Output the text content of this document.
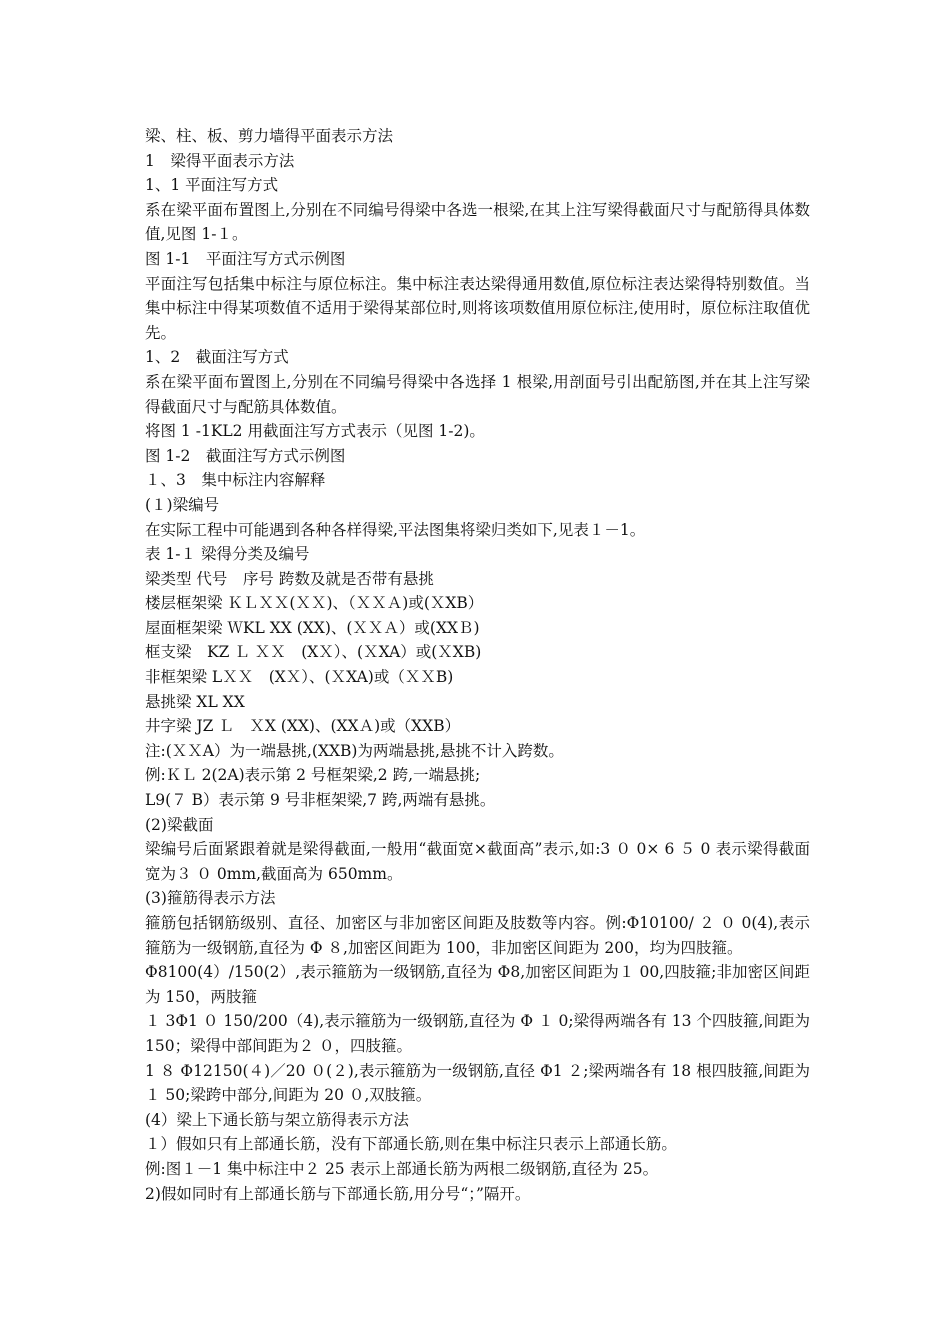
梁、柱、板、剪力墙得平面表示方法

1　梁得平面表示方法

1、1 平面注写方式

系在梁平面布置图上,分别在不同编号得梁中各选一根梁,在其上注写梁得截面尺寸与配筋得具体数值,见图 1-１。

图 1-1　平面注写方式示例图

平面注写包括集中标注与原位标注。集中标注表达梁得通用数值,原位标注表达梁得特别数值。当集中标注中得某项数值不适用于梁得某部位时,则将该项数值用原位标注,使用时，原位标注取值优先。

1、2　截面注写方式

系在梁平面布置图上,分别在不同编号得梁中各选择 1 根梁,用剖面号引出配筋图,并在其上注写梁得截面尺寸与配筋具体数值。

将图 1 -1KL2 用截面注写方式表示（见图 1-2)。

图 1-2　截面注写方式示例图

１、3　集中标注内容解释

(１)梁编号

在实际工程中可能遇到各种各样得梁,平法图集将梁归类如下,见表１－1。

表 1-１ 梁得分类及编号

梁类型 代号　序号 跨数及就是否带有悬挑

楼层框架梁 ＫＬＸＸ(ＸＸ)、（ＸＸＡ)或(ＸXB）

屋面框架梁 ＷKL XX (XX)、(ＸＸＡ）或(XXＢ)

框支梁　KZ Ｌ ＸＸ　(XＸ）、(ＸXA）或(ＸXB)

非框架梁 LＸＸ　(XＸ）、(ＸXA)或（ＸＸB)

悬挑梁 XL XX

井字梁 JZ Ｌ　ＸX (XX)、(XXＡ)或（XXB）

注:(ＸＸA）为一端悬挑,(XXB)为两端悬挑,悬挑不计入跨数。

例:ＫＬ 2(2A)表示第 2 号框架梁,2 跨,一端悬挑;

L9(７ B）表示第 9 号非框架梁,7 跨,两端有悬挑。

(2)梁截面

梁编号后面紧跟着就是梁得截面,一般用“截面宽×截面高”表示,如:3 ０ 0× 6 ５ 0 表示梁得截面宽为３ ０ 0mm,截面高为 650mm。

(3)箍筋得表示方法

箍筋包括钢筋级别、直径、加密区与非加密区间距及肢数等内容。例:Φ10100/ ２ ０ 0(4),表示箍筋为一级钢筋,直径为 Φ ８,加密区间距为 100，非加密区间距为 200，均为四肢箍。

Φ8100(4）/150(2）,表示箍筋为一级钢筋,直径为 Φ8,加密区间距为１ 00,四肢箍;非加密区间距为 150，两肢箍

１ 3Φ1 ０ 150/200（4),表示箍筋为一级钢筋,直径为 Φ １ 0;梁得两端各有 13 个四肢箍,间距为 150；梁得中部间距为２ ０，四肢箍。

1 ８ Φ12150(４)／20 ０(２),表示箍筋为一级钢筋,直径 Φ1 ２;梁两端各有 18 根四肢箍,间距为１ 50;梁跨中部分,间距为 20 ０,双肢箍。

(4）梁上下通长筋与架立筋得表示方法

１）假如只有上部通长筋，没有下部通长筋,则在集中标注只表示上部通长筋。

例:图１－1 集中标注中２ 25 表示上部通长筋为两根二级钢筋,直径为 25。

2)假如同时有上部通长筋与下部通长筋,用分号“；”隔开。
